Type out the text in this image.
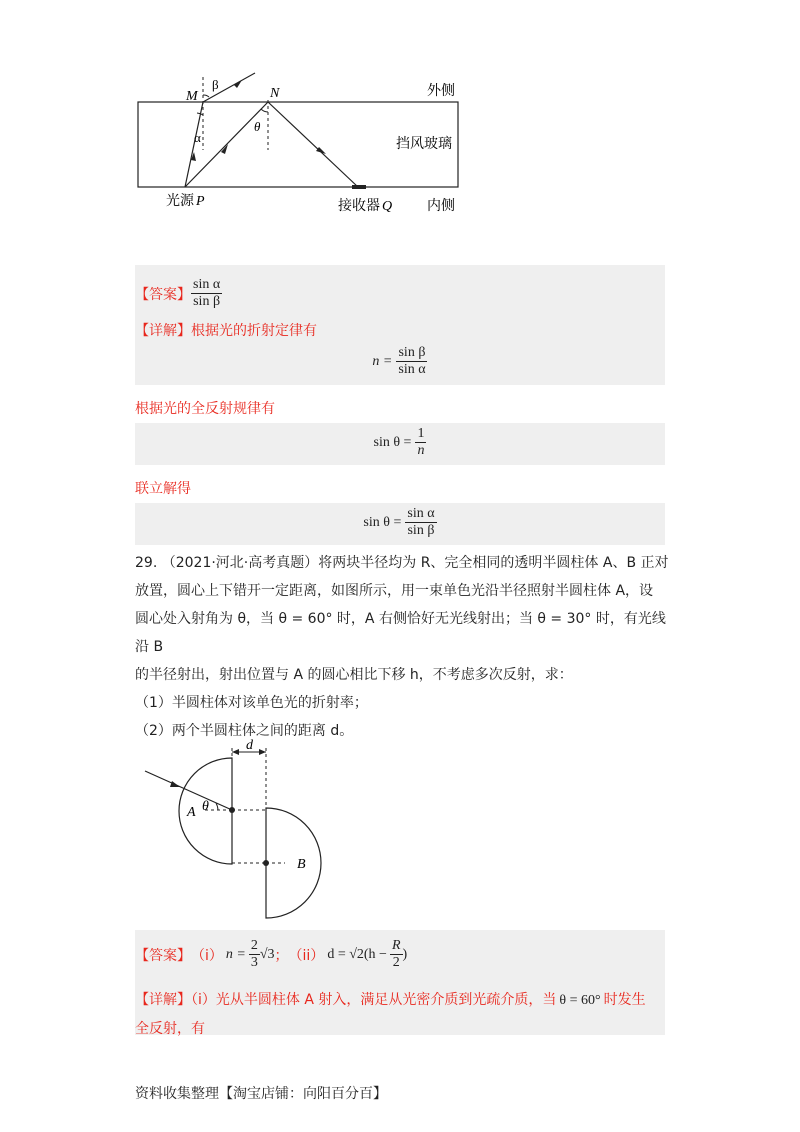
M	N
β
α
θ
外侧
挡风玻璃
光源 P	接收器 Q 内侧
【答案】 $\frac{\text{sin α}}{\text{sin β}}$
【详解】根据光的折射定律有
$n = \frac{\text{sin β}}{\text{sin α}}$
根据光的全反射规律有
$\sin \theta = \frac{1}{n}$
联立解得
$\sin \theta = \frac{\text{sin α}}{\text{sin β}}$
29. （2021·河北·高考真题）将两块半径均为 R、完全相同的透明半圆柱体 A、B 正对
放置，圆心上下错开一定距离，如图所示，用一束单色光沿半径照射半圆柱体 A，设
圆心处入射角为 θ，当 θ = 60° 时，A 右侧恰好无光线射出；当 θ = 30° 时，有光线沿 B
的半径射出，射出位置与 A 的圆心相比下移 h，不考虑多次反射，求：
（1）半圆柱体对该单色光的折射率；
（2）两个半圆柱体之间的距离 d。
d
θ
A
B
【答案】 （i） $n = \frac{2}{3} √3$ ； （ii） $d = √2(h - \frac{R}{2}$ )
【详解】（i）光从半圆柱体 A 射入，满足从光密介质到光疏介质，当 θ = 60° 时发生
全反射，有
资料收集整理【淘宝店铺：向阳百分百】
